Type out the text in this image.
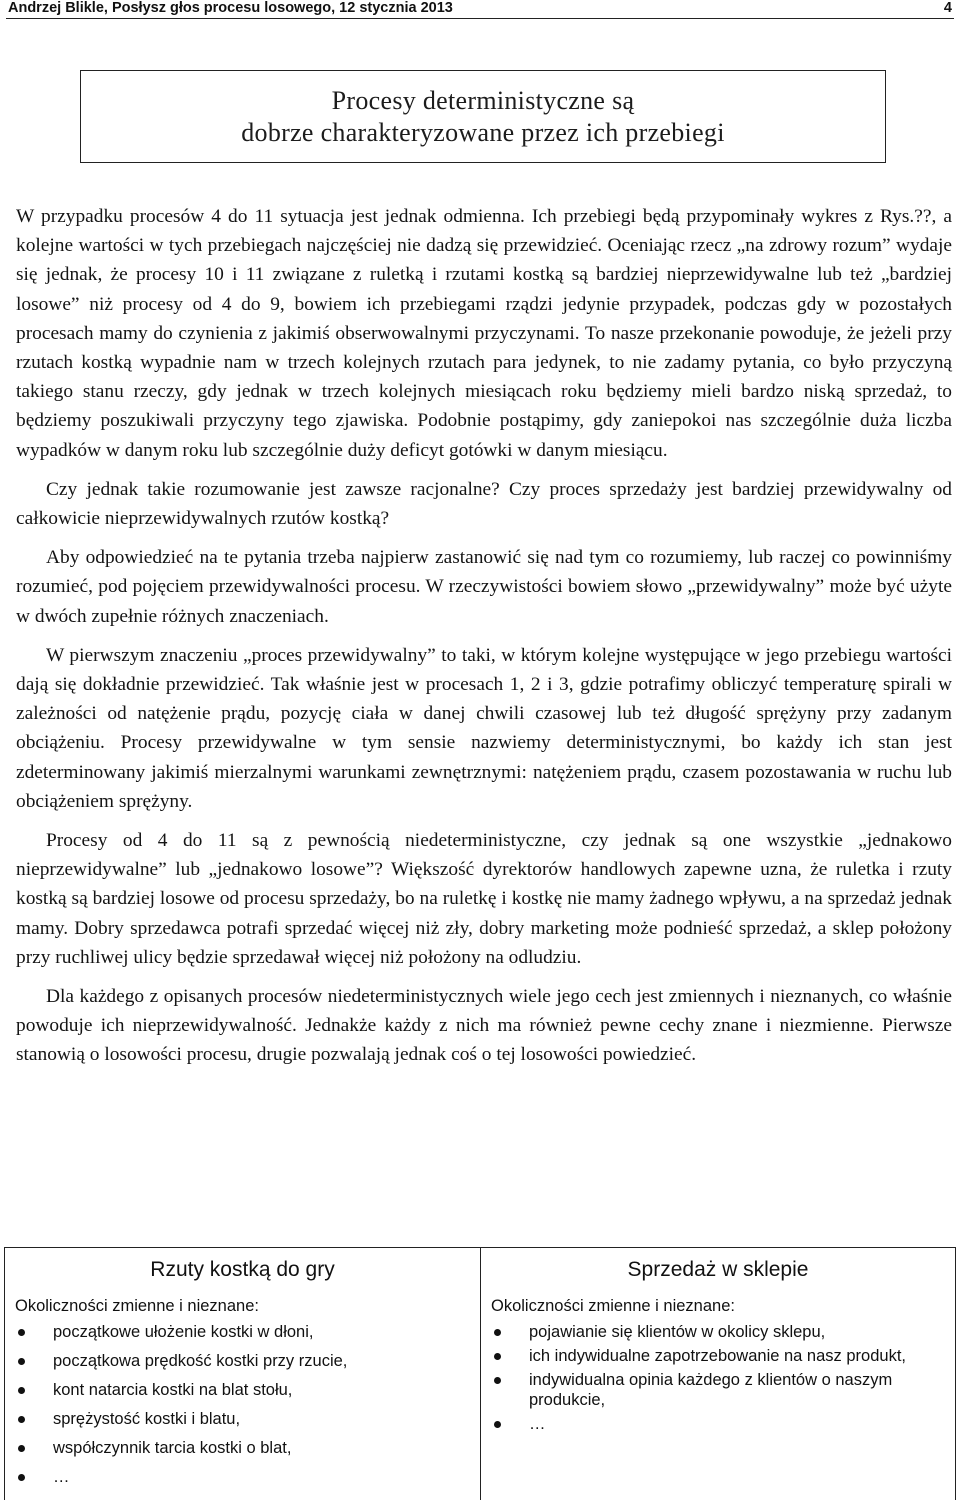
Andrzej Blikle, Posłysz głos procesu losowego, 12 stycznia 2013	4
Procesy deterministyczne są
dobrze charakteryzowane przez ich przebiegi

W przypadku procesów 4 do 11 sytuacja jest jednak odmienna. Ich przebiegi będą przypominały wykres z Rys.??, a kolejne wartości w tych przebiegach najczęściej nie dadzą się przewidzieć. Oceniając rzecz „na zdrowy rozum” wydaje się jednak, że procesy 10 i 11 związane z ruletką i rzutami kostką są bardziej nieprzewidywalne lub też „bardziej losowe” niż procesy od 4 do 9, bowiem ich przebiegami rządzi jedynie przypadek, podczas gdy w pozostałych procesach mamy do czynienia z jakimiś obserwowalnymi przyczynami. To nasze przekonanie powoduje, że jeżeli przy rzutach kostką wypadnie nam w trzech kolejnych rzutach para jedynek, to nie zadamy pytania, co było przyczyną takiego stanu rzeczy, gdy jednak w trzech kolejnych miesiącach roku będziemy mieli bardzo niską sprzedaż, to będziemy poszukiwali przyczyny tego zjawiska. Podobnie postąpimy, gdy zaniepokoi nas szczególnie duża liczba wypadków w danym roku lub szczególnie duży deficyt gotówki w danym miesiącu.

Czy jednak takie rozumowanie jest zawsze racjonalne? Czy proces sprzedaży jest bardziej przewidywalny od całkowicie nieprzewidywalnych rzutów kostką?

Aby odpowiedzieć na te pytania trzeba najpierw zastanowić się nad tym co rozumiemy, lub raczej co powinniśmy rozumieć, pod pojęciem przewidywalności procesu. W rzeczywistości bowiem słowo „przewidywalny” może być użyte w dwóch zupełnie różnych znaczeniach.

W pierwszym znaczeniu „proces przewidywalny” to taki, w którym kolejne występujące w jego przebiegu wartości dają się dokładnie przewidzieć. Tak właśnie jest w procesach 1, 2 i 3, gdzie potrafimy obliczyć temperaturę spirali w zależności od natężenie prądu, pozycję ciała w danej chwili czasowej lub też długość sprężyny przy zadanym obciążeniu. Procesy przewidywalne w tym sensie nazwiemy deterministycznymi, bo każdy ich stan jest zdeterminowany jakimiś mierzalnymi warunkami zewnętrznymi: natężeniem prądu, czasem pozostawania w ruchu lub obciążeniem sprężyny.

Procesy od 4 do 11 są z pewnością niedeterministyczne, czy jednak są one wszystkie „jednakowo nieprzewidywalne” lub „jednakowo losowe”? Większość dyrektorów handlowych zapewne uzna, że ruletka i rzuty kostką są bardziej losowe od procesu sprzedaży, bo na ruletkę i kostkę nie mamy żadnego wpływu, a na sprzedaż jednak mamy. Dobry sprzedawca potrafi sprzedać więcej niż zły, dobry marketing może podnieść sprzedaż, a sklep położony przy ruchliwej ulicy będzie sprzedawał więcej niż położony na odludziu.

Dla każdego z opisanych procesów niedeterministycznych wiele jego cech jest zmiennych i nieznanych, co właśnie powoduje ich nieprzewidywalność. Jednakże każdy z nich ma również pewne cechy znane i niezmienne. Pierwsze stanowią o losowości procesu, drugie pozwalają jednak coś o tej losowości powiedzieć.

Rzuty kostką do gry
Okoliczności zmienne i nieznane:
początkowe ułożenie kostki w dłoni,
początkowa prędkość kostki przy rzucie,
kont natarcia kostki na blat stołu,
sprężystość kostki i blatu,
współczynnik tarcia kostki o blat,
…
Sprzedaż w sklepie
Okoliczności zmienne i nieznane:
pojawianie się klientów w okolicy sklepu,
ich indywidualne zapotrzebowanie na nasz produkt,
indywidualna opinia każdego z klientów o naszym produkcie,
…
